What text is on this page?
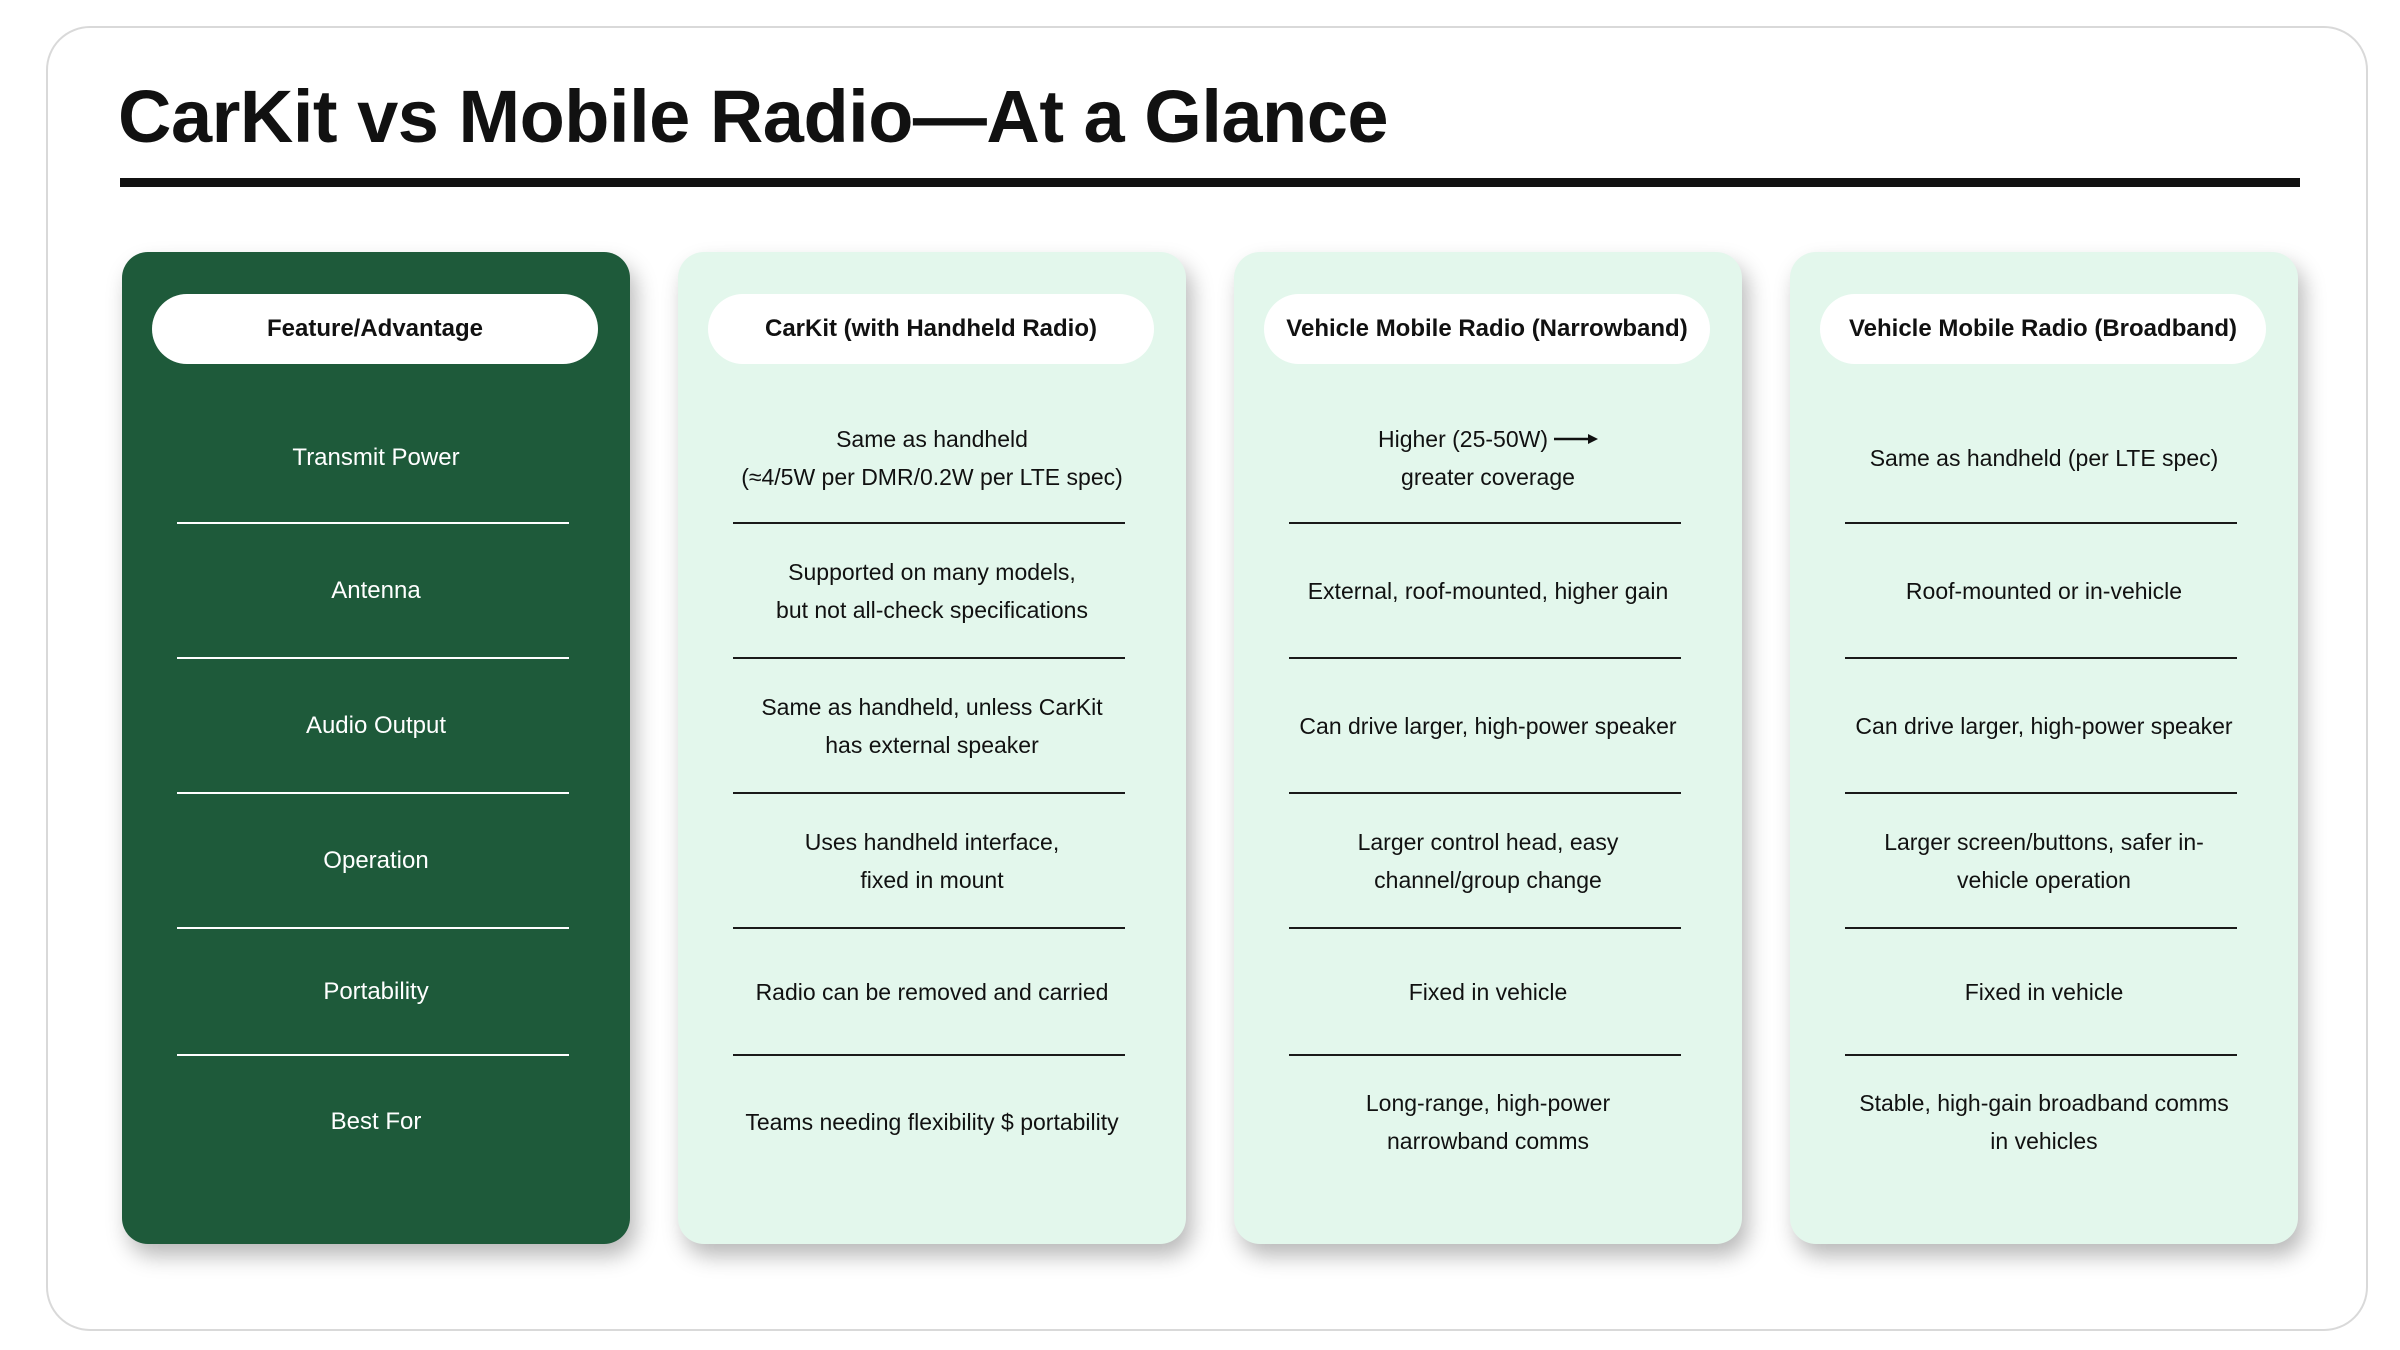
CarKit vs Mobile Radio—At a Glance
Feature/Advantage
Transmit Power
Antenna
Audio Output
Operation
Portability
Best For
CarKit (with Handheld Radio)
Same as handheld
(≈4/5W per DMR/0.2W per LTE spec)
Supported on many models,
but not all-check specifications
Same as handheld, unless CarKit
has external speaker
Uses handheld interface,
fixed in mount
Radio can be removed and carried
Teams needing flexibility $ portability
Vehicle Mobile Radio (Narrowband)
Higher (25-50W)
greater coverage
External, roof-mounted, higher gain
Can drive larger, high-power speaker
Larger control head, easy
channel/group change
Fixed in vehicle
Long-range, high-power
narrowband comms
Vehicle Mobile Radio (Broadband)
Same as handheld (per LTE spec)
Roof-mounted or in-vehicle
Can drive larger, high-power speaker
Larger screen/buttons, safer in-
vehicle operation
Fixed in vehicle
Stable, high-gain broadband comms
in vehicles
